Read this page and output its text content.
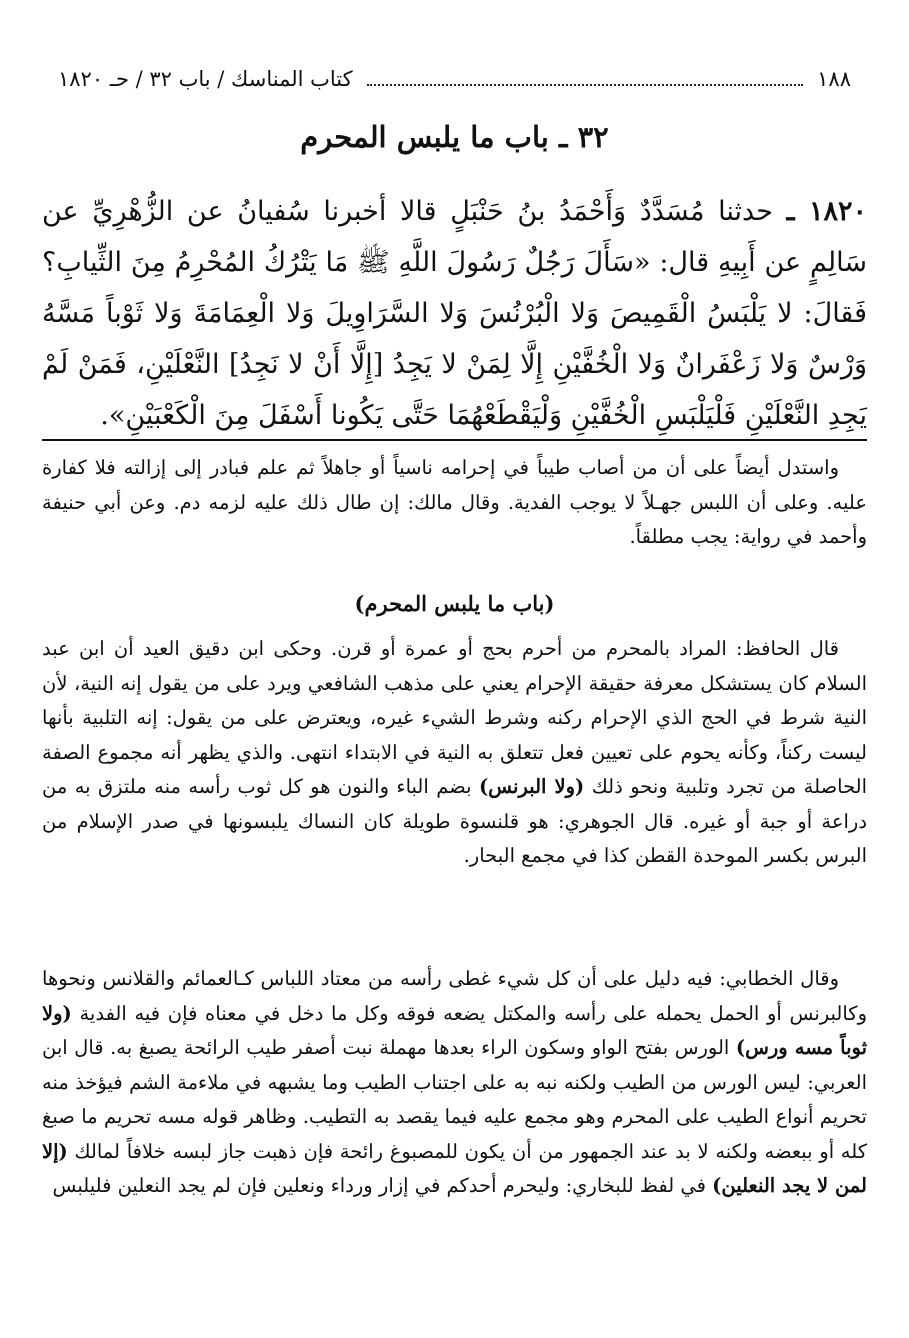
١٨٨
كتاب المناسك / باب ٣٢ / حـ ١٨٢٠
٣٢ ـ باب ما يلبس المحرم
١٨٢٠ ـ حدثنا مُسَدَّدٌ وَأَحْمَدُ بنُ حَنْبَلٍ قالا أخبرنا سُفيانُ عن الزُّهْرِيِّ عن سَالِمٍ عن أَبِيهِ قال: «سَأَلَ رَجُلٌ رَسُولَ اللَّهِ ﷺ مَا يَتْرُكُ المُحْرِمُ مِنَ الثِّيابِ؟ فَقالَ: لا يَلْبَسُ الْقَمِيصَ وَلا الْبُرْنُسَ وَلا السَّرَاوِيلَ وَلا الْعِمَامَةَ وَلا ثَوْباً مَسَّهُ وَرْسٌ وَلا زَعْفَرانٌ وَلا الْخُفَّيْنِ إِلَّا لِمَنْ لا يَجِدُ [إِلَّا أَنْ لا نَجِدُ] النَّعْلَيْنِ، فَمَنْ لَمْ يَجِدِ النَّعْلَيْنِ فَلْيَلْبَسِ الْخُفَّيْنِ وَلْيَقْطَعْهُمَا حَتَّى يَكُونا أَسْفَلَ مِنَ الْكَعْبَيْنِ».

واستدل أيضاً على أن من أصاب طيباً في إحرامه ناسياً أو جاهلاً ثم علم فبادر إلى إزالته فلا كفارة عليه. وعلى أن اللبس جهـلاً لا يوجب الفدية. وقال مالك: إن طال ذلك عليه لزمه دم. وعن أبي حنيفة وأحمد في رواية: يجب مطلقاً.

(باب ما يلبس المحرم)

قال الحافظ: المراد بالمحرم من أحرم بحج أو عمرة أو قرن. وحكى ابن دقيق العيد أن ابن عبد السلام كان يستشكل معرفة حقيقة الإحرام يعني على مذهب الشافعي ويرد على من يقول إنه النية، لأن النية شرط في الحج الذي الإحرام ركنه وشرط الشيء غيره، ويعترض على من يقول: إنه التلبية بأنها ليست ركناً، وكأنه يحوم على تعيين فعل تتعلق به النية في الابتداء انتهى. والذي يظهر أنه مجموع الصفة الحاصلة من تجرد وتلبية ونحو ذلك (ولا البرنس) بضم الباء والنون هو كل ثوب رأسه منه ملتزق به من دراعة أو جبة أو غيره. قال الجوهري: هو قلنسوة طويلة كان النساك يلبسونها في صدر الإسلام من البرس بكسر الموحدة القطن كذا في مجمع البحار.

وقال الخطابي: فيه دليل على أن كل شيء غطى رأسه من معتاد اللباس كـالعمائم والقلانس ونحوها وكالبرنس أو الحمل يحمله على رأسه والمكتل يضعه فوقه وكل ما دخل في معناه فإن فيه الفدية (ولا ثوباً مسه ورس) الورس بفتح الواو وسكون الراء بعدها مهملة نبت أصفر طيب الرائحة يصبغ به. قال ابن العربي: ليس الورس من الطيب ولكنه نبه به على اجتناب الطيب وما يشبهه في ملاءمة الشم فيؤخذ منه تحريم أنواع الطيب على المحرم وهو مجمع عليه فيما يقصد به التطيب. وظاهر قوله مسه تحريم ما صبغ كله أو ببعضه ولكنه لا بد عند الجمهور من أن يكون للمصبوغ رائحة فإن ذهبت جاز لبسه خلافاً لمالك (إلا لمن لا يجد النعلين) في لفظ للبخاري: وليحرم أحدكم في إزار ورداء ونعلين فإن لم يجد النعلين فليلبس
